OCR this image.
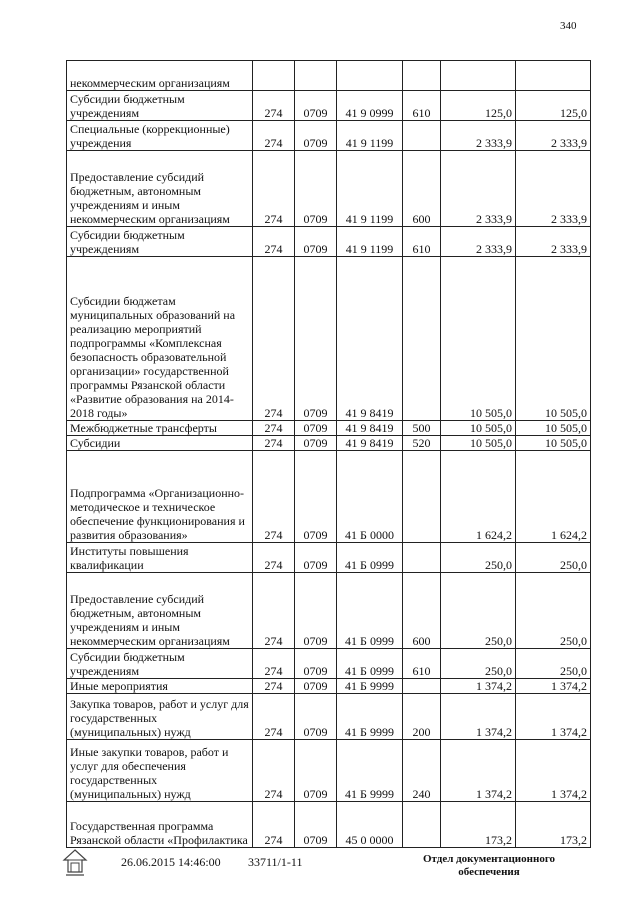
340
некоммерческим организациям						
Субсидии бюджетным учреждениям	274	0709	41 9 0999	610	125,0	125,0
Специальные (коррекционные) учреждения	274	0709	41 9 1199		2 333,9	2 333,9
Предоставление субсидий бюджетным, автономным учреждениям и иным некоммерческим организациям	274	0709	41 9 1199	600	2 333,9	2 333,9
Субсидии бюджетным учреждениям	274	0709	41 9 1199	610	2 333,9	2 333,9
Субсидии бюджетам муниципальных образований на реализацию мероприятий подпрограммы «Комплексная безопасность образовательной организации» государственной программы Рязанской области «Развитие образования на 2014-2018 годы»	274	0709	41 9 8419		10 505,0	10 505,0
Межбюджетные трансферты	274	0709	41 9 8419	500	10 505,0	10 505,0
Субсидии	274	0709	41 9 8419	520	10 505,0	10 505,0
Подпрограмма «Организационно-методическое и техническое обеспечение функционирования и развития образования»	274	0709	41 Б 0000		1 624,2	1 624,2
Институты повышения квалификации	274	0709	41 Б 0999		250,0	250,0
Предоставление субсидий бюджетным, автономным учреждениям и иным некоммерческим организациям	274	0709	41 Б 0999	600	250,0	250,0
Субсидии бюджетным учреждениям	274	0709	41 Б 0999	610	250,0	250,0
Иные мероприятия	274	0709	41 Б 9999		1 374,2	1 374,2
Закупка товаров, работ и услуг для государственных (муниципальных) нужд	274	0709	41 Б 9999	200	1 374,2	1 374,2
Иные закупки товаров, работ и услуг для обеспечения государственных (муниципальных) нужд	274	0709	41 Б 9999	240	1 374,2	1 374,2
Государственная программа Рязанской области «Профилактика	274	0709	45 0 0000		173,2	173,2
26.06.2015 14:46:00 33711/1-11	Отдел документационного обеспечения
